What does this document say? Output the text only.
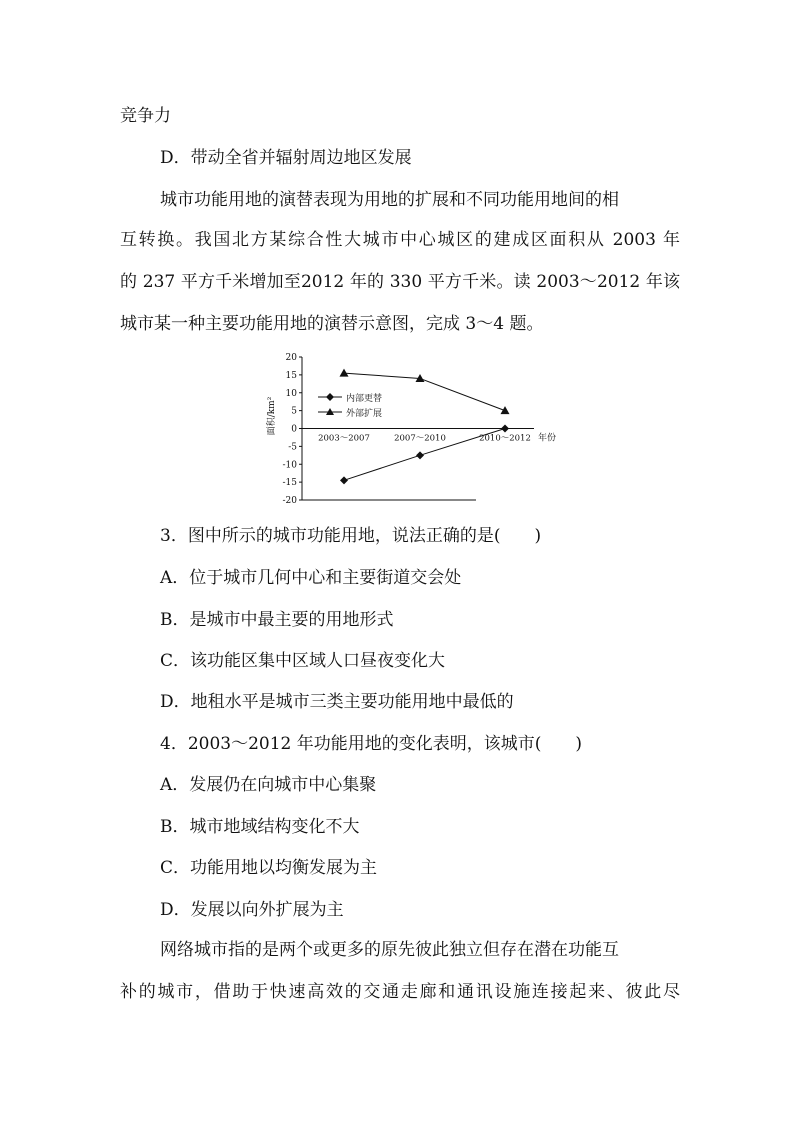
竞争力
D．带动全省并辐射周边地区发展
城市功能用地的演替表现为用地的扩展和不同功能用地间的相
互转换。我国北方某综合性大城市中心城区的建成区面积从 2003 年
的 237 平方千米增加至2012 年的 330 平方千米。读 2003～2012 年该
城市某一种主要功能用地的演替示意图，完成 3～4 题。
面积/km²	内部更替
外部扩展
20
15
10
5
0
-5
-10
-15
-20
2003～2007	2007～2010	2010～2012 年份
3．图中所示的城市功能用地，说法正确的是(　　)
A．位于城市几何中心和主要街道交会处
B．是城市中最主要的用地形式
C．该功能区集中区域人口昼夜变化大
D．地租水平是城市三类主要功能用地中最低的
4．2003～2012 年功能用地的变化表明，该城市(　　)
A．发展仍在向城市中心集聚
B．城市地域结构变化不大
C．功能用地以均衡发展为主
D．发展以向外扩展为主
网络城市指的是两个或更多的原先彼此独立但存在潜在功能互
补的城市，借助于快速高效的交通走廊和通讯设施连接起来、彼此尽
